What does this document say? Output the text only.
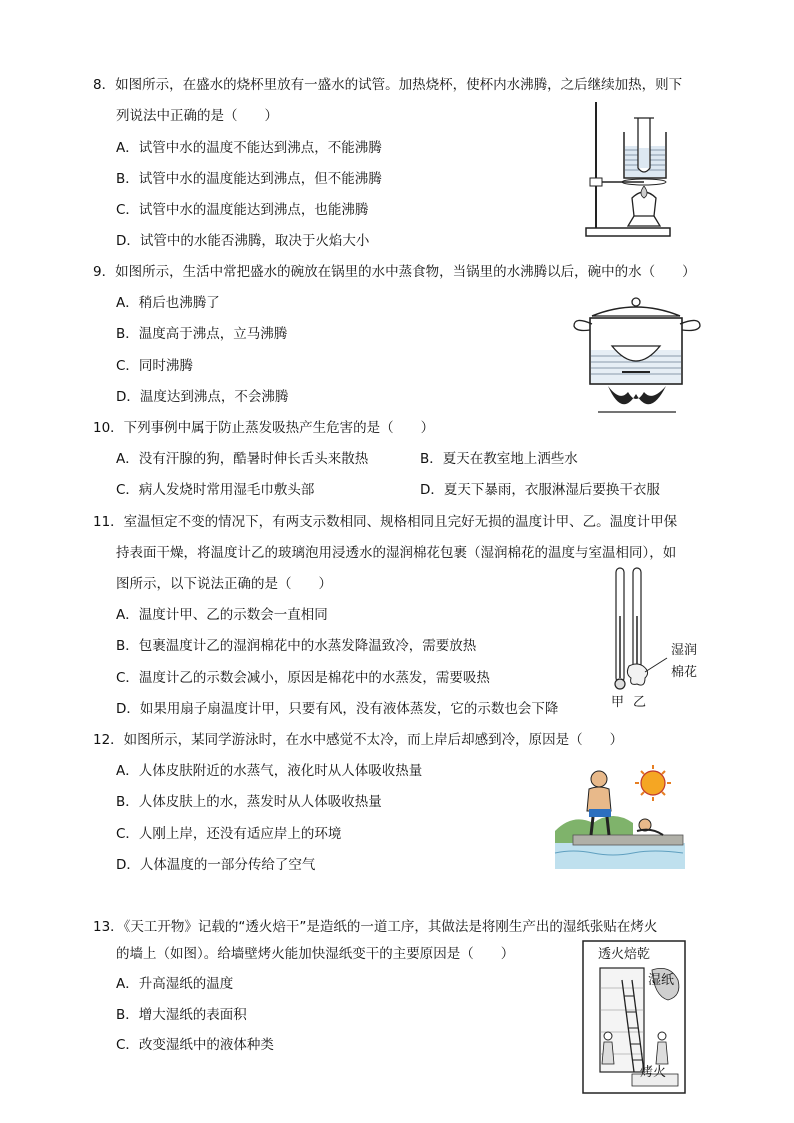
8．如图所示，在盛水的烧杯里放有一盛水的试管。加热烧杯，使杯内水沸腾，之后继续加热，则下
列说法中正确的是（　　）
A．试管中水的温度不能达到沸点，不能沸腾
B．试管中水的温度能达到沸点，但不能沸腾
C．试管中水的温度能达到沸点，也能沸腾
D．试管中的水能否沸腾，取决于火焰大小
9．如图所示，生活中常把盛水的碗放在锅里的水中蒸食物，当锅里的水沸腾以后，碗中的水（　　）
A．稍后也沸腾了
B．温度高于沸点，立马沸腾
C．同时沸腾
D．温度达到沸点，不会沸腾
10．下列事例中属于防止蒸发吸热产生危害的是（　　）
A．没有汗腺的狗，酷暑时伸长舌头来散热	B．夏天在教室地上洒些水
C．病人发烧时常用湿毛巾敷头部	D．夏天下暴雨，衣服淋湿后要换干衣服
11．室温恒定不变的情况下，有两支示数相同、规格相同且完好无损的温度计甲、乙。温度计甲保
持表面干燥，将温度计乙的玻璃泡用浸透水的湿润棉花包裹（湿润棉花的温度与室温相同），如
图所示，以下说法正确的是（　　）
A．温度计甲、乙的示数会一直相同
B．包裹温度计乙的湿润棉花中的水蒸发降温致冷，需要放热
C．温度计乙的示数会减小，原因是棉花中的水蒸发，需要吸热
D．如果用扇子扇温度计甲，只要有风，没有液体蒸发，它的示数也会下降
湿润
棉花
甲 乙
12．如图所示，某同学游泳时，在水中感觉不太冷，而上岸后却感到冷，原因是（　　）
A．人体皮肤附近的水蒸气，液化时从人体吸收热量
B．人体皮肤上的水，蒸发时从人体吸收热量
C．人刚上岸，还没有适应岸上的环境
D．人体温度的一部分传给了空气
13．《天工开物》记载的“透火焙干”是造纸的一道工序，其做法是将刚生产出的湿纸张贴在烤火
的墙上（如图）。给墙壁烤火能加快湿纸变干的主要原因是（　　）
A．升高湿纸的温度
B．增大湿纸的表面积
C．改变湿纸中的液体种类
透火焙乾
湿纸
烤火
